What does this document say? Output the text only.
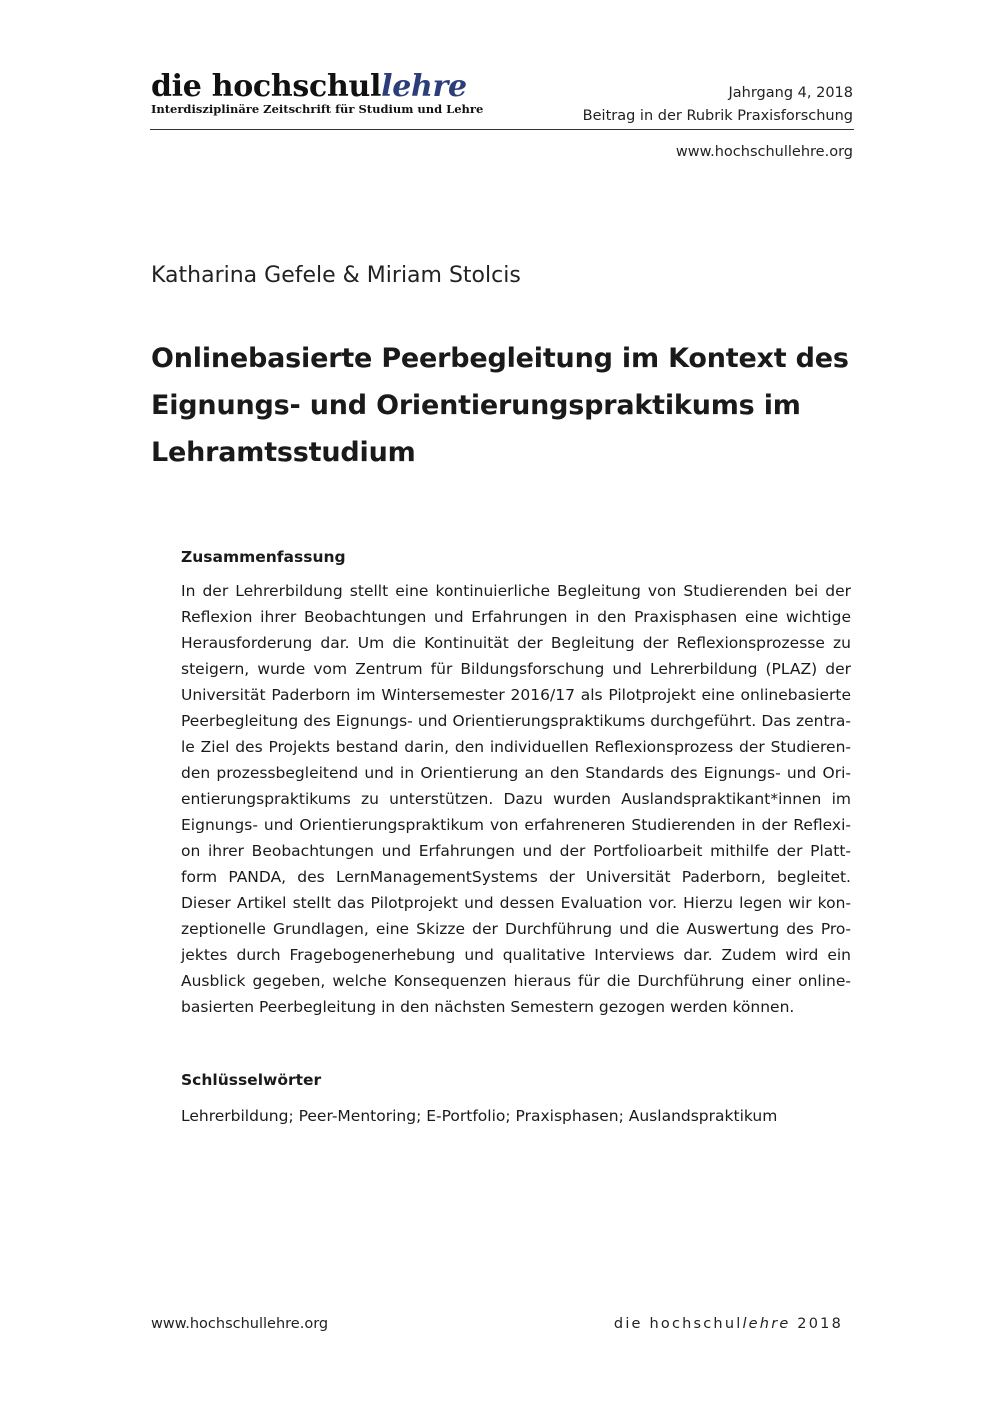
die hochschullehre
Interdisziplinäre Zeitschrift für Studium und Lehre
Jahrgang 4, 2018
Beitrag in der Rubrik Praxisforschung
www.hochschullehre.org
Katharina Gefele & Miriam Stolcis
Onlinebasierte Peerbegleitung im Kontext des Eignungs- und Orientierungspraktikums im Lehramtsstudium
Zusammenfassung

In der Lehrerbildung stellt eine kontinuierliche Begleitung von Studierenden bei der Reflexion ihrer Beobachtungen und Erfahrungen in den Praxisphasen eine wichtige Herausforderung dar. Um die Kontinuität der Begleitung der Reflexionsprozesse zu steigern, wurde vom Zentrum für Bildungsforschung und Lehrerbildung (PLAZ) der Universität Paderborn im Wintersemester 2016/17 als Pilotprojekt eine onlinebasierte Peerbegleitung des Eignungs- und Orientierungspraktikums durchgeführt. Das zentrale Ziel des Projekts bestand darin, den individuellen Reflexionsprozess der Studierenden prozessbegleitend und in Orientierung an den Standards des Eignungs- und Orientierungspraktikums zu unterstützen. Dazu wurden Auslandspraktikant*innen im Eignungs- und Orientierungspraktikum von erfahreneren Studierenden in der Reflexion ihrer Beobachtungen und Erfahrungen und der Portfolioarbeit mithilfe der Plattform PANDA, des LernManagementSystems der Universität Paderborn, begleitet. Dieser Artikel stellt das Pilotprojekt und dessen Evaluation vor. Hierzu legen wir konzeptionelle Grundlagen, eine Skizze der Durchführung und die Auswertung des Projektes durch Fragebogenerhebung und qualitative Interviews dar. Zudem wird ein Ausblick gegeben, welche Konsequenzen hieraus für die Durchführung einer onlinebasierten Peerbegleitung in den nächsten Semestern gezogen werden können.

Schlüsselwörter

Lehrerbildung; Peer-Mentoring; E-Portfolio; Praxisphasen; Auslandspraktikum

www.hochschullehre.org	die hochschullehre 2018
